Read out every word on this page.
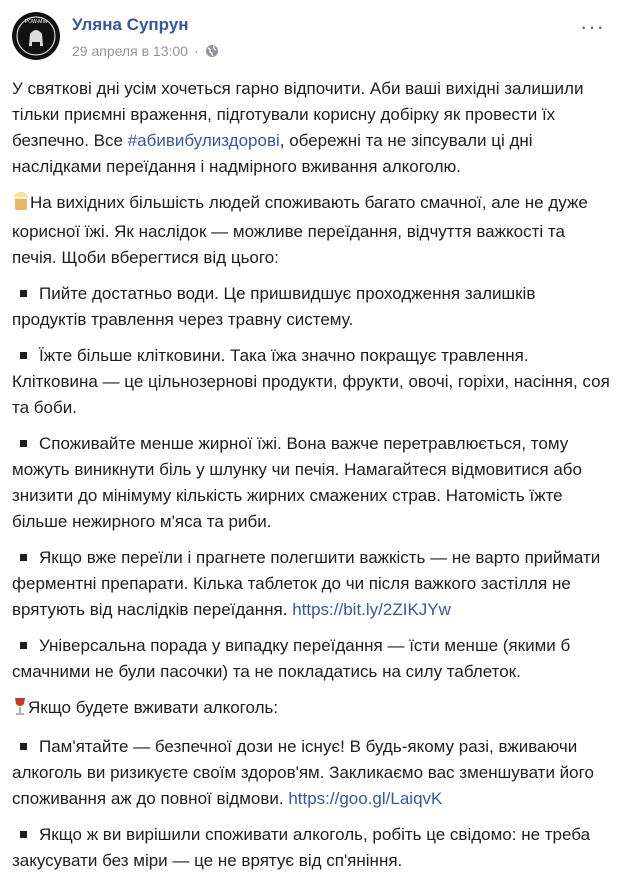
POW-MIA Уляна Супрун
29 апреля в 13:00 ·
···

У святкові дні усім хочеться гарно відпочити. Аби ваші вихідні залишили тільки приємні враження, підготували корисну добірку як провести їх безпечно. Все #абивибулиздорові, обережні та не зіпсували ці дні наслідками переїдання і надмірного вживання алкоголю.

На вихідних більшість людей споживають багато смачної, але не дуже корисної їжі. Як наслідок — можливе переїдання, відчуття важкості та печія. Щоби вберегтися від цього:

Пийте достатньо води. Це пришвидшує проходження залишків продуктів травлення через травну систему.

Їжте більше клітковини. Така їжа значно покращує травлення. Клітковина — це цільнозернові продукти, фрукти, овочі, горіхи, насіння, соя та боби.

Споживайте менше жирної їжі. Вона важче перетравлюється, тому можуть виникнути біль у шлунку чи печія. Намагайтеся відмовитися або знизити до мінімуму кількість жирних смажених страв. Натомість їжте більше нежирного м'яса та риби.

Якщо вже переїли і прагнете полегшити важкість — не варто приймати ферментні препарати. Кілька таблеток до чи після важкого застілля не врятують від наслідків переїдання. https://bit.ly/2ZIKJYw

Універсальна порада у випадку переїдання — їсти менше (якими б смачними не були пасочки) та не покладатись на силу таблеток.

Якщо будете вживати алкоголь:

Пам'ятайте — безпечної дози не існує! В будь-якому разі, вживаючи алкоголь ви ризикуєте своїм здоров'ям. Закликаємо вас зменшувати його споживання аж до повної відмови. https://goo.gl/LaiqvK

Якщо ж ви вирішили споживати алкоголь, робіть це свідомо: не треба закусувати без міри — це не врятує від сп'яніння.
